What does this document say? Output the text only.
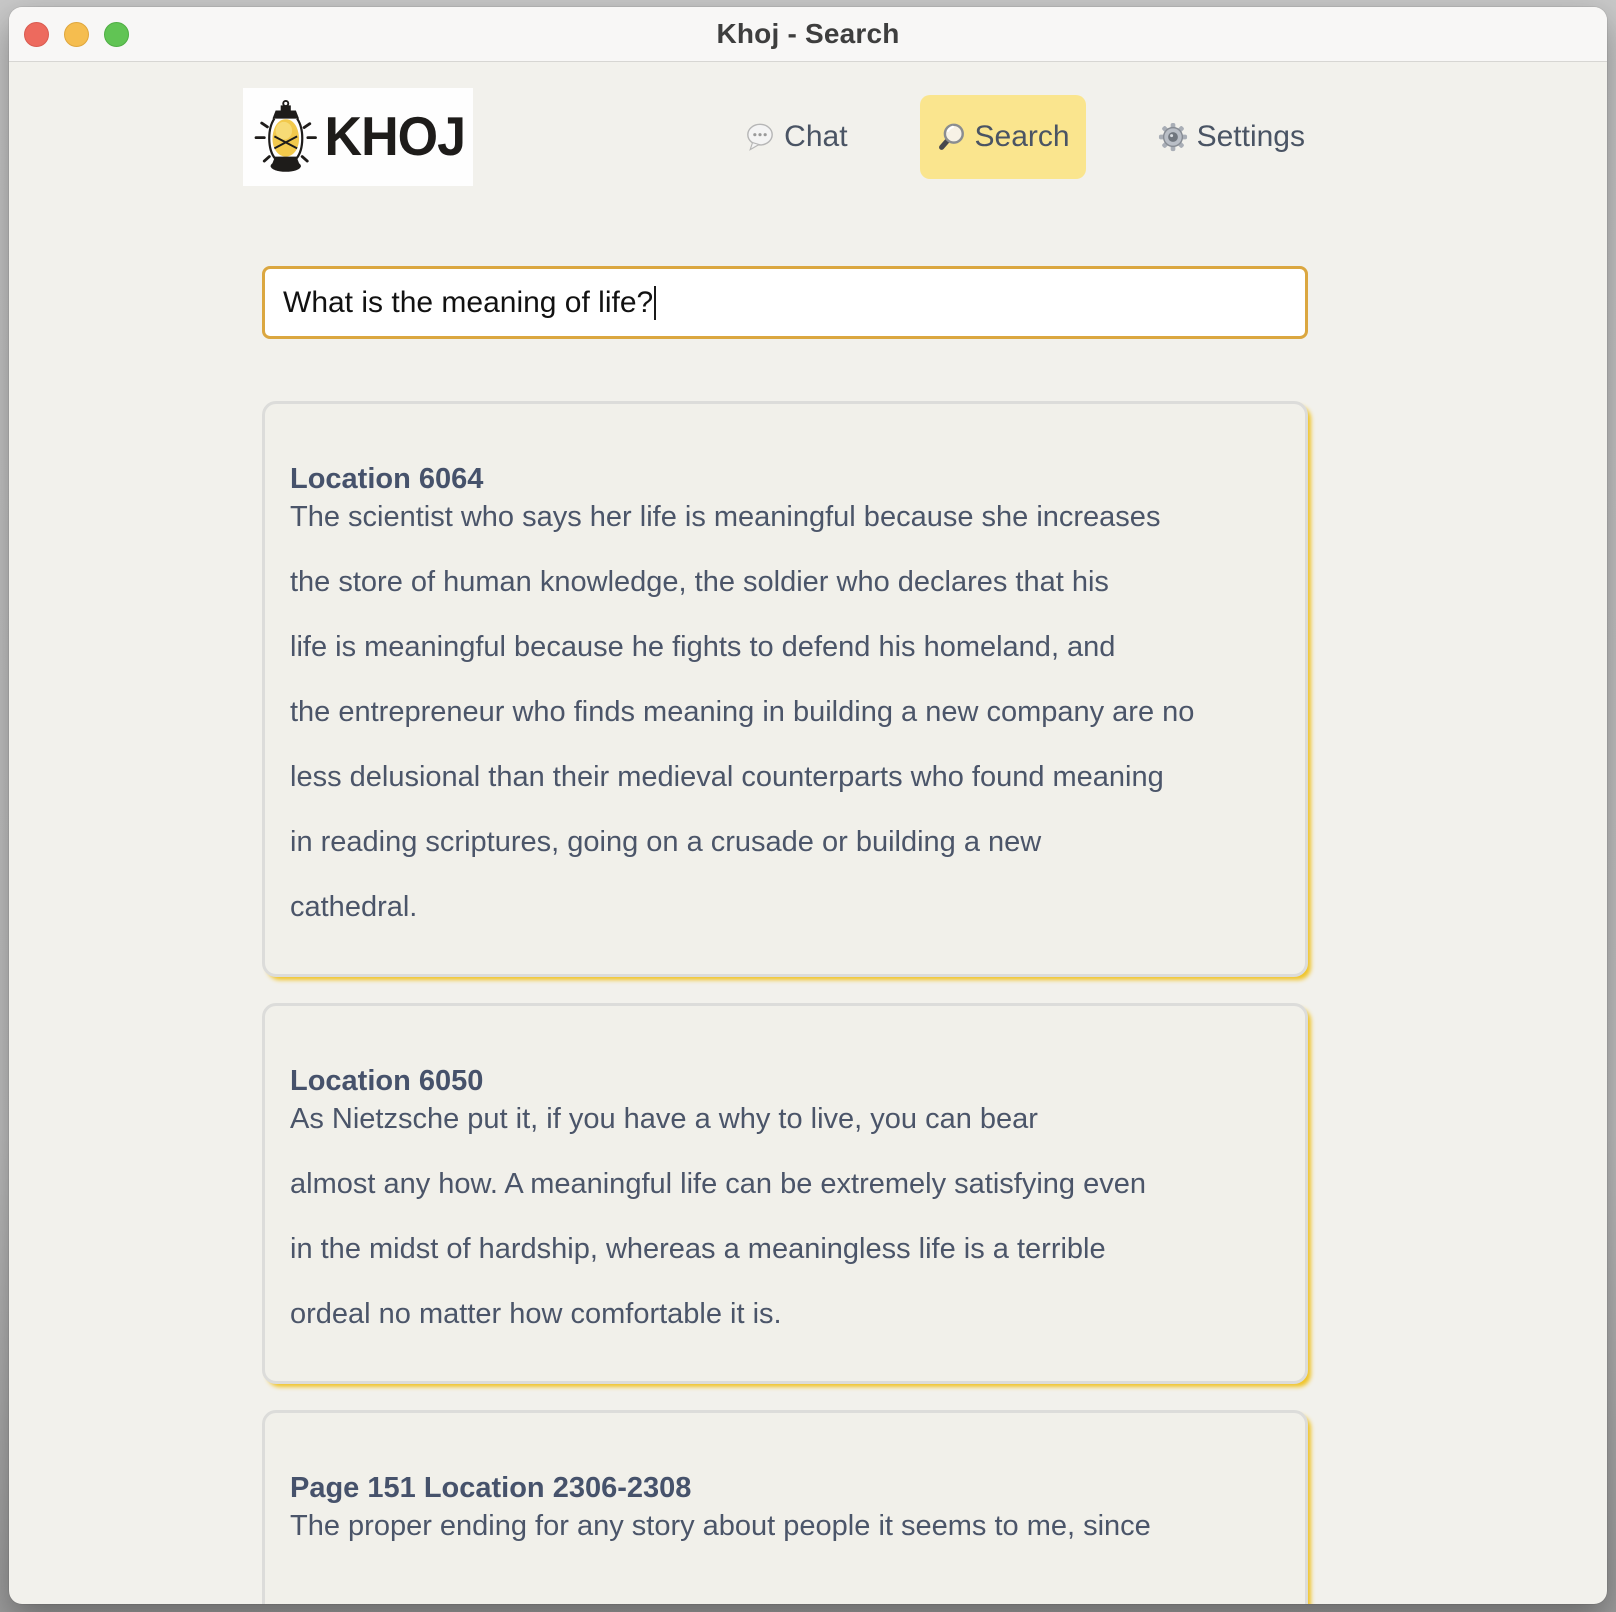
Khoj - Search
KHOJ	Chat	Search	Settings
What is the meaning of life?
Location 6064
The scientist who says her life is meaningful because she increases

the store of human knowledge, the soldier who declares that his

life is meaningful because he fights to defend his homeland, and

the entrepreneur who finds meaning in building a new company are no

less delusional than their medieval counterparts who found meaning

in reading scriptures, going on a crusade or building a new

cathedral.

Location 6050
As Nietzsche put it, if you have a why to live, you can bear

almost any how. A meaningful life can be extremely satisfying even

in the midst of hardship, whereas a meaningless life is a terrible

ordeal no matter how comfortable it is.

Page 151 Location 2306-2308
The proper ending for any story about people it seems to me, since
